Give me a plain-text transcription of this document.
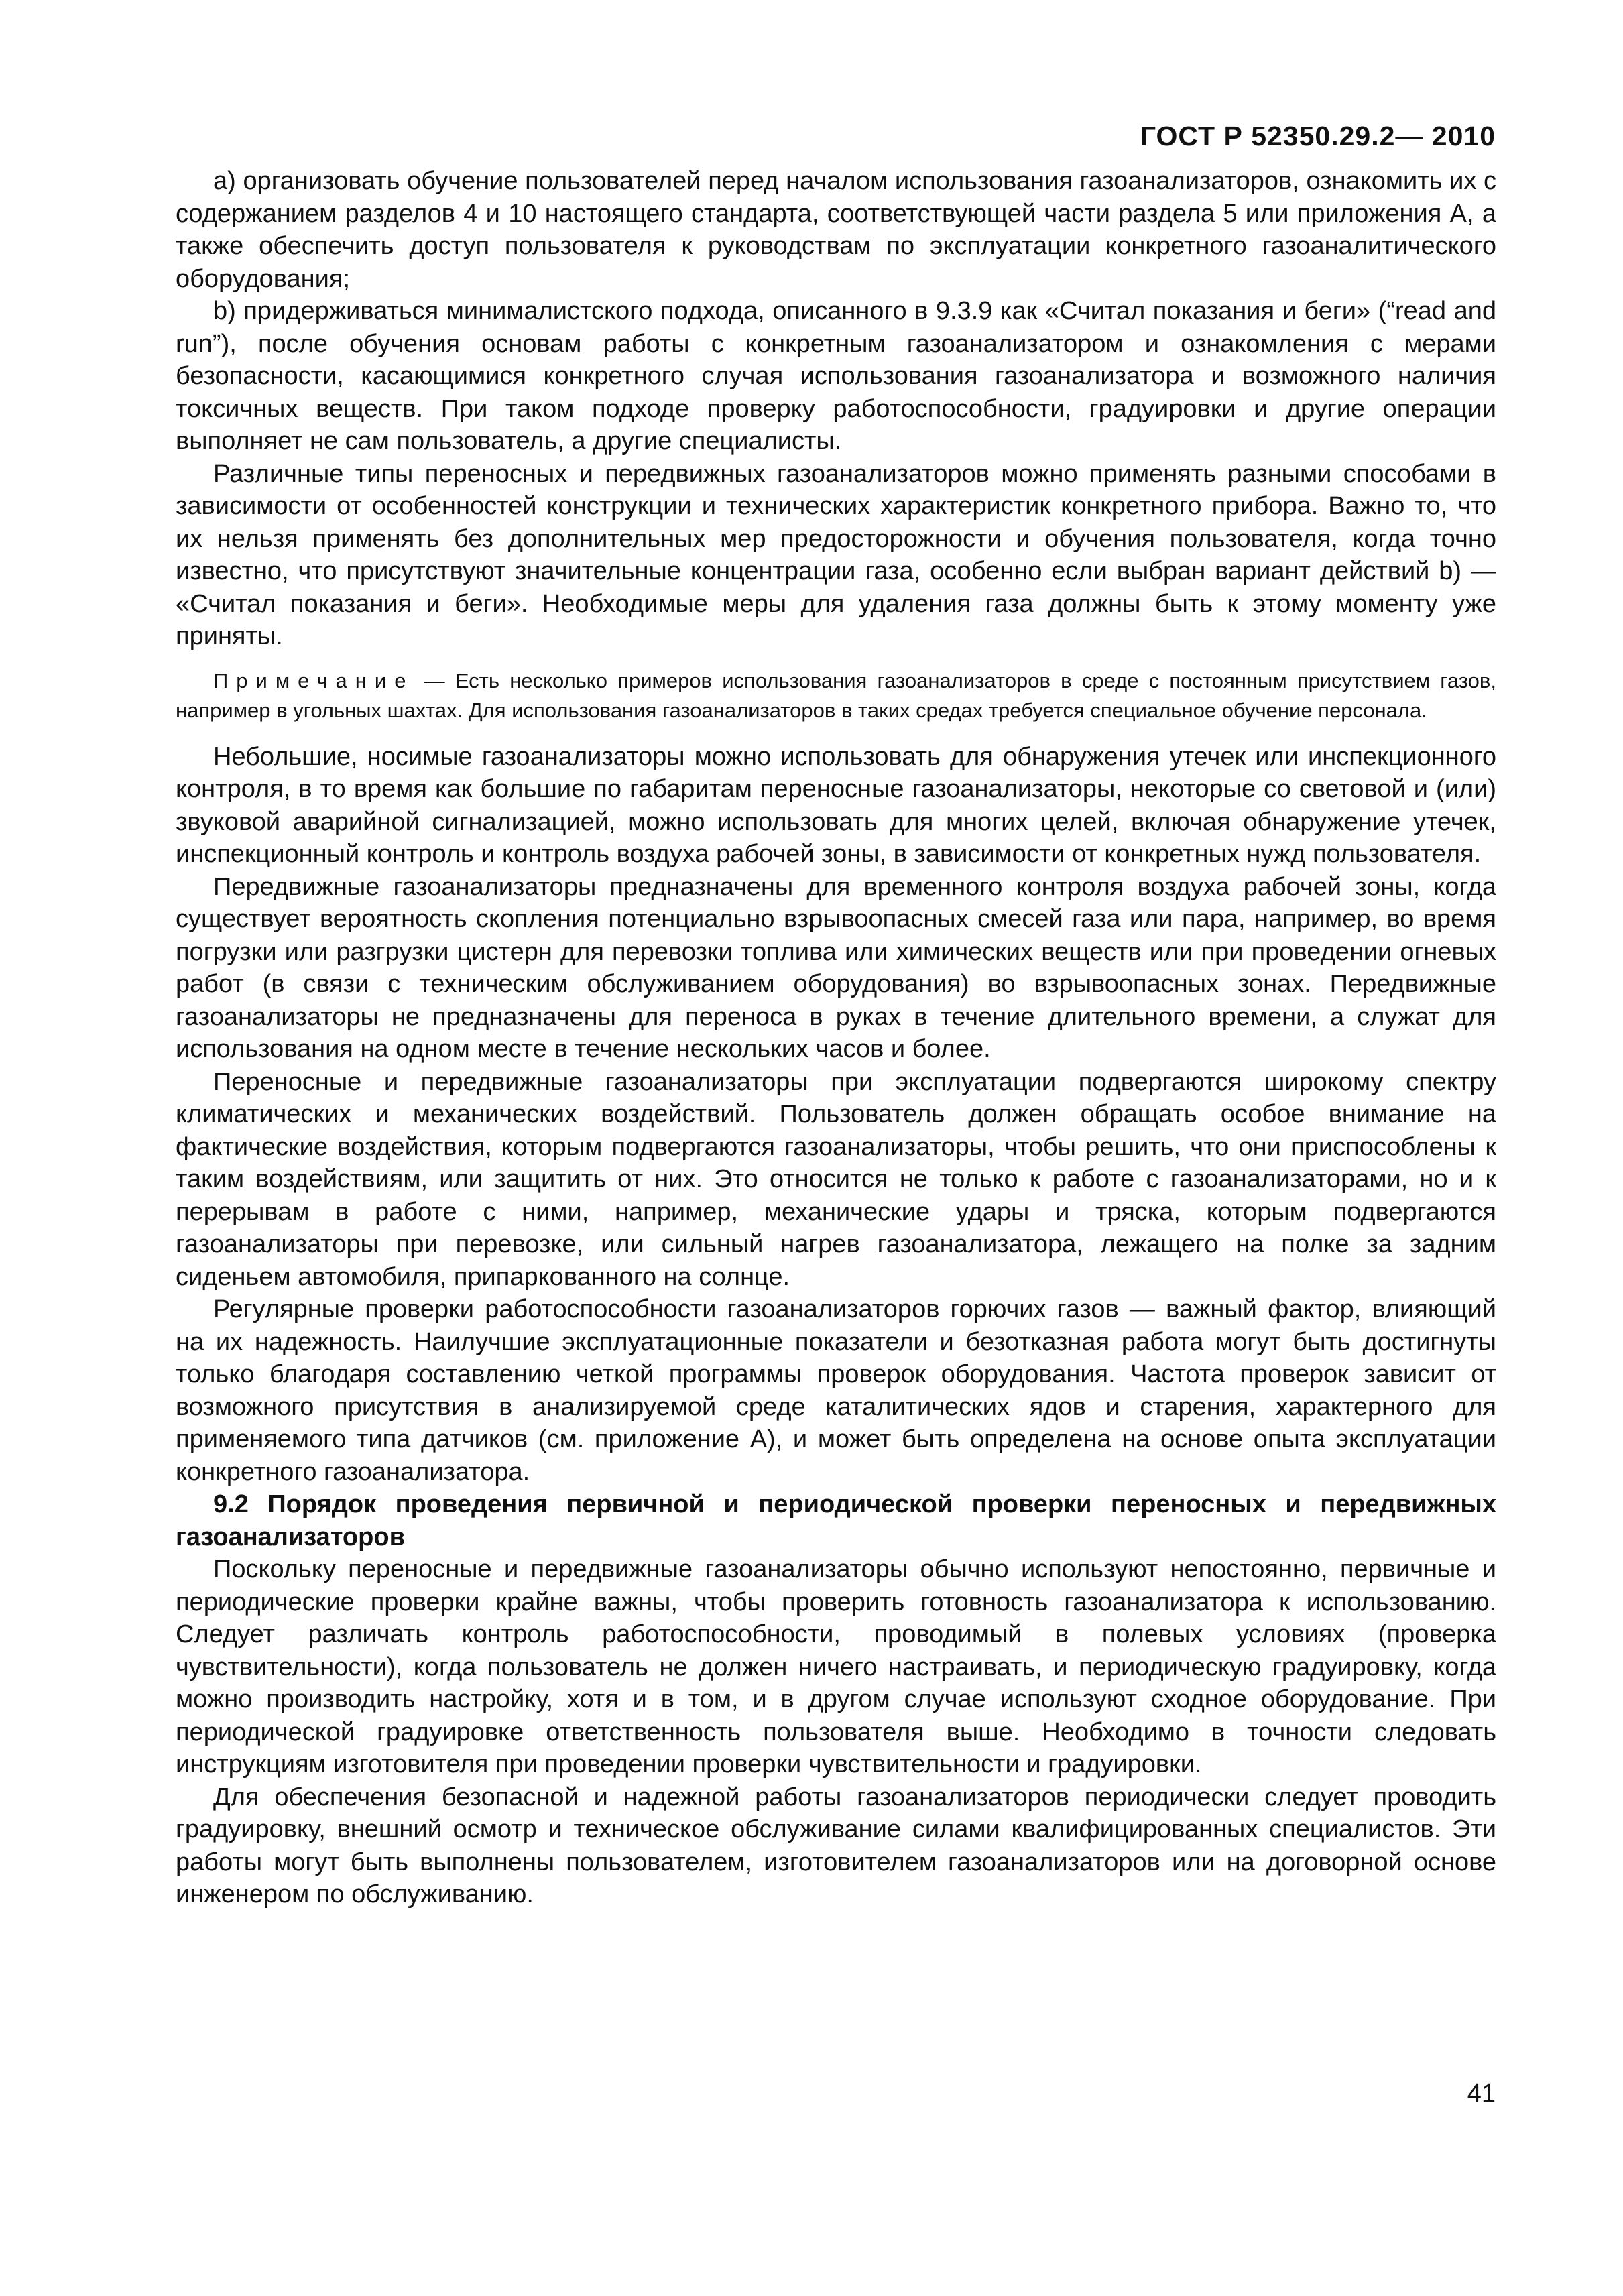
ГОСТ Р 52350.29.2— 2010

а) организовать обучение пользователей перед началом использования газоанализаторов, ознакомить их с содержанием разделов 4 и 10 настоящего стандарта, соответствующей части раздела 5 или приложения А, а также обеспечить доступ пользователя к руководствам по эксплуатации конкретного газоаналитического оборудования;

b) придерживаться минималистского подхода, описанного в 9.3.9 как «Считал показания и беги» (“read and run”), после обучения основам работы с конкретным газоанализатором и ознакомления с мерами безопасности, касающимися конкретного случая использования газоанализатора и возможного наличия токсичных веществ. При таком подходе проверку работоспособности, градуировки и другие операции выполняет не сам пользователь, а другие специалисты.

Различные типы переносных и передвижных газоанализаторов можно применять разными способами в зависимости от особенностей конструкции и технических характеристик конкретного прибора. Важно то, что их нельзя применять без дополнительных мер предосторожности и обучения пользователя, когда точно известно, что присутствуют значительные концентрации газа, особенно если выбран вариант действий b) — «Считал показания и беги». Необходимые меры для удаления газа должны быть к этому моменту уже приняты.

Примечание — Есть несколько примеров использования газоанализаторов в среде с постоянным присутствием газов, например в угольных шахтах. Для использования газоанализаторов в таких средах требуется специальное обучение персонала.

Небольшие, носимые газоанализаторы можно использовать для обнаружения утечек или инспекционного контроля, в то время как большие по габаритам переносные газоанализаторы, некоторые со световой и (или) звуковой аварийной сигнализацией, можно использовать для многих целей, включая обнаружение утечек, инспекционный контроль и контроль воздуха рабочей зоны, в зависимости от конкретных нужд пользователя.

Передвижные газоанализаторы предназначены для временного контроля воздуха рабочей зоны, когда существует вероятность скопления потенциально взрывоопасных смесей газа или пара, например, во время погрузки или разгрузки цистерн для перевозки топлива или химических веществ или при проведении огневых работ (в связи с техническим обслуживанием оборудования) во взрывоопасных зонах. Передвижные газоанализаторы не предназначены для переноса в руках в течение длительного времени, а служат для использования на одном месте в течение нескольких часов и более.

Переносные и передвижные газоанализаторы при эксплуатации подвергаются широкому спектру климатических и механических воздействий. Пользователь должен обращать особое внимание на фактические воздействия, которым подвергаются газоанализаторы, чтобы решить, что они приспособлены к таким воздействиям, или защитить от них. Это относится не только к работе с газоанализаторами, но и к перерывам в работе с ними, например, механические удары и тряска, которым подвергаются газоанализаторы при перевозке, или сильный нагрев газоанализатора, лежащего на полке за задним сиденьем автомобиля, припаркованного на солнце.

Регулярные проверки работоспособности газоанализаторов горючих газов — важный фактор, влияющий на их надежность. Наилучшие эксплуатационные показатели и безотказная работа могут быть достигнуты только благодаря составлению четкой программы проверок оборудования. Частота проверок зависит от возможного присутствия в анализируемой среде каталитических ядов и старения, характерного для применяемого типа датчиков (см. приложение А), и может быть определена на основе опыта эксплуатации конкретного газоанализатора.

9.2 Порядок проведения первичной и периодической проверки переносных и передвижных газоанализаторов

Поскольку переносные и передвижные газоанализаторы обычно используют непостоянно, первичные и периодические проверки крайне важны, чтобы проверить готовность газоанализатора к использованию. Следует различать контроль работоспособности, проводимый в полевых условиях (проверка чувствительности), когда пользователь не должен ничего настраивать, и периодическую градуировку, когда можно производить настройку, хотя и в том, и в другом случае используют сходное оборудование. При периодической градуировке ответственность пользователя выше. Необходимо в точности следовать инструкциям изготовителя при проведении проверки чувствительности и градуировки.

Для обеспечения безопасной и надежной работы газоанализаторов периодически следует проводить градуировку, внешний осмотр и техническое обслуживание силами квалифицированных специалистов. Эти работы могут быть выполнены пользователем, изготовителем газоанализаторов или на договорной основе инженером по обслуживанию.

41
